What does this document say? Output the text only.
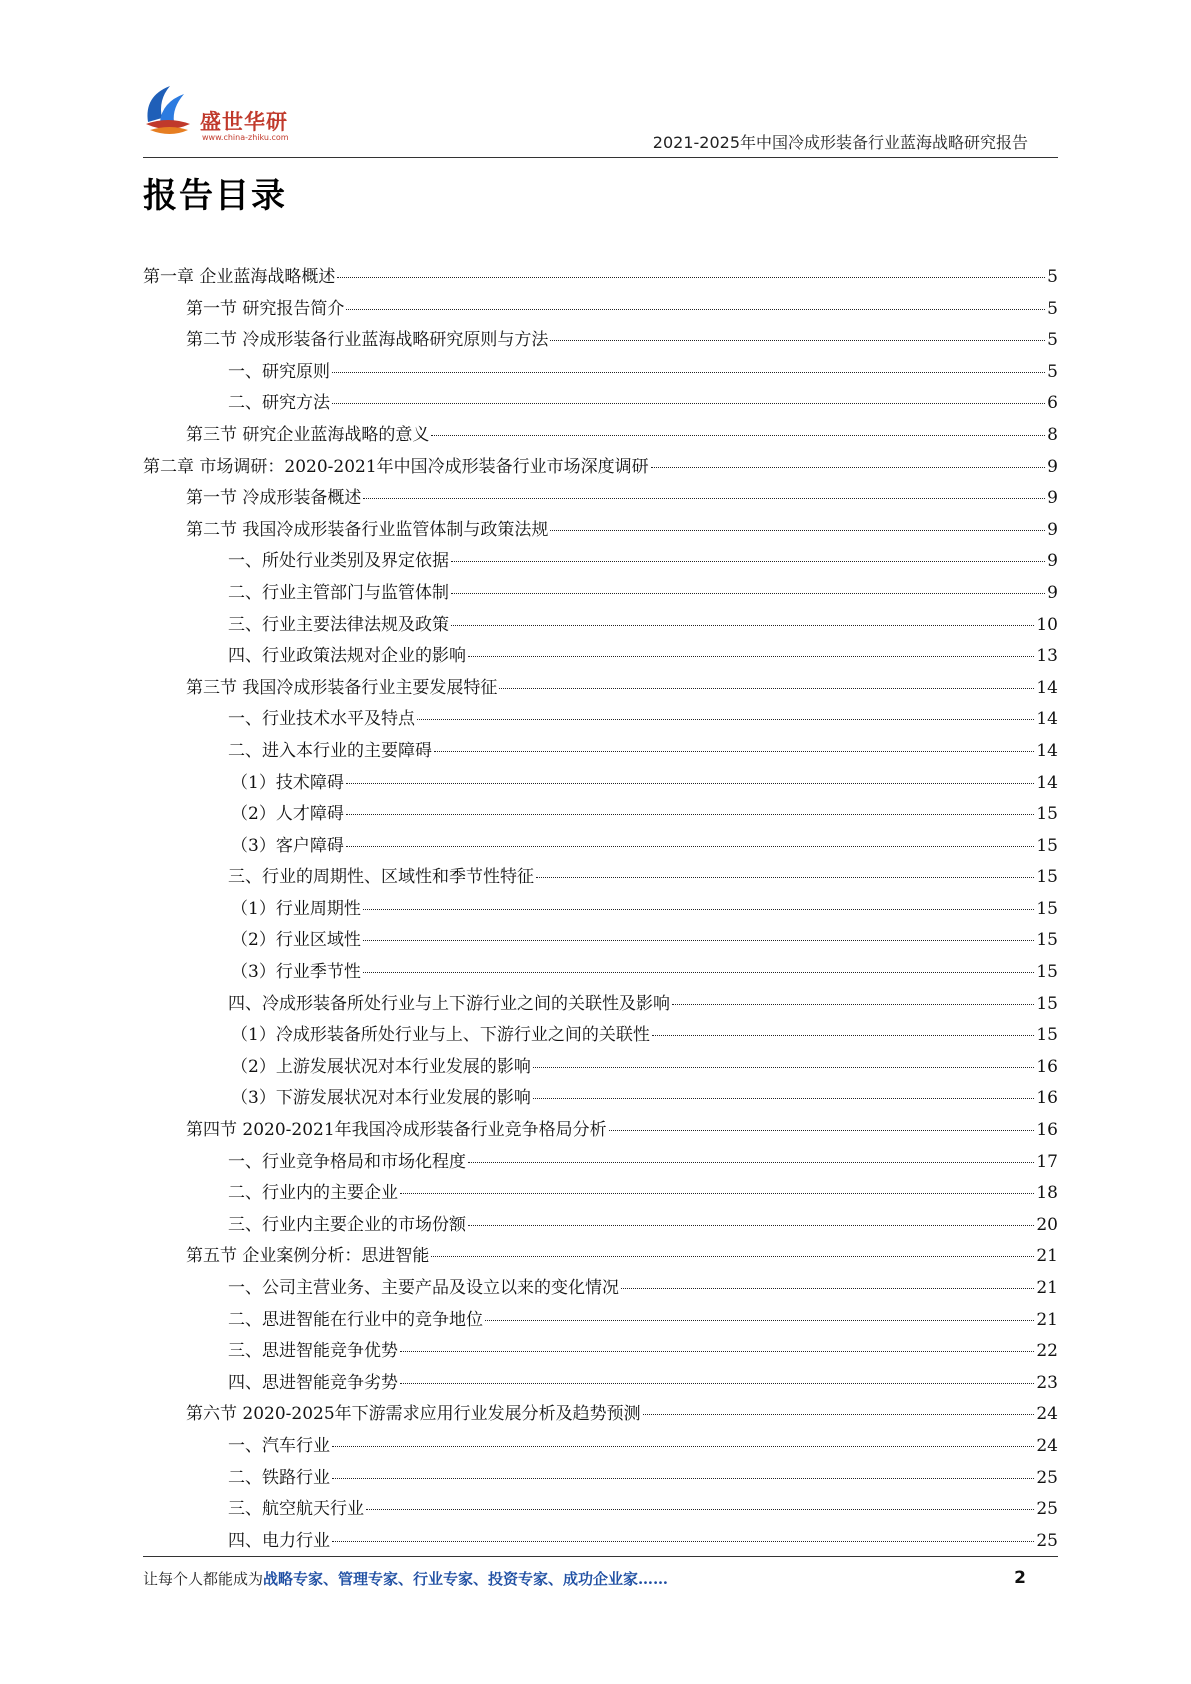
盛世华研
www.china-zhiku.com	2021-2025年中国冷成形装备行业蓝海战略研究报告
报告目录
第一章 企业蓝海战略概述	5
第一节 研究报告简介	5
第二节 冷成形装备行业蓝海战略研究原则与方法	5
一、研究原则	5
二、研究方法	6
第三节 研究企业蓝海战略的意义	8
第二章 市场调研：2020-2021年中国冷成形装备行业市场深度调研	9
第一节 冷成形装备概述	9
第二节 我国冷成形装备行业监管体制与政策法规	9
一、所处行业类别及界定依据	9
二、行业主管部门与监管体制	9
三、行业主要法律法规及政策	10
四、行业政策法规对企业的影响	13
第三节 我国冷成形装备行业主要发展特征	14
一、行业技术水平及特点	14
二、进入本行业的主要障碍	14
（1）技术障碍	14
（2）人才障碍	15
（3）客户障碍	15
三、行业的周期性、区域性和季节性特征	15
（1）行业周期性	15
（2）行业区域性	15
（3）行业季节性	15
四、冷成形装备所处行业与上下游行业之间的关联性及影响	15
（1）冷成形装备所处行业与上、下游行业之间的关联性	15
（2）上游发展状况对本行业发展的影响	16
（3）下游发展状况对本行业发展的影响	16
第四节 2020-2021年我国冷成形装备行业竞争格局分析	16
一、行业竞争格局和市场化程度	17
二、行业内的主要企业	18
三、行业内主要企业的市场份额	20
第五节 企业案例分析：思进智能	21
一、公司主营业务、主要产品及设立以来的变化情况	21
二、思进智能在行业中的竞争地位	21
三、思进智能竞争优势	22
四、思进智能竞争劣势	23
第六节 2020-2025年下游需求应用行业发展分析及趋势预测	24
一、汽车行业	24
二、铁路行业	25
三、航空航天行业	25
四、电力行业	25
让每个人都能成为战略专家、管理专家、行业专家、投资专家、成功企业家……	2
